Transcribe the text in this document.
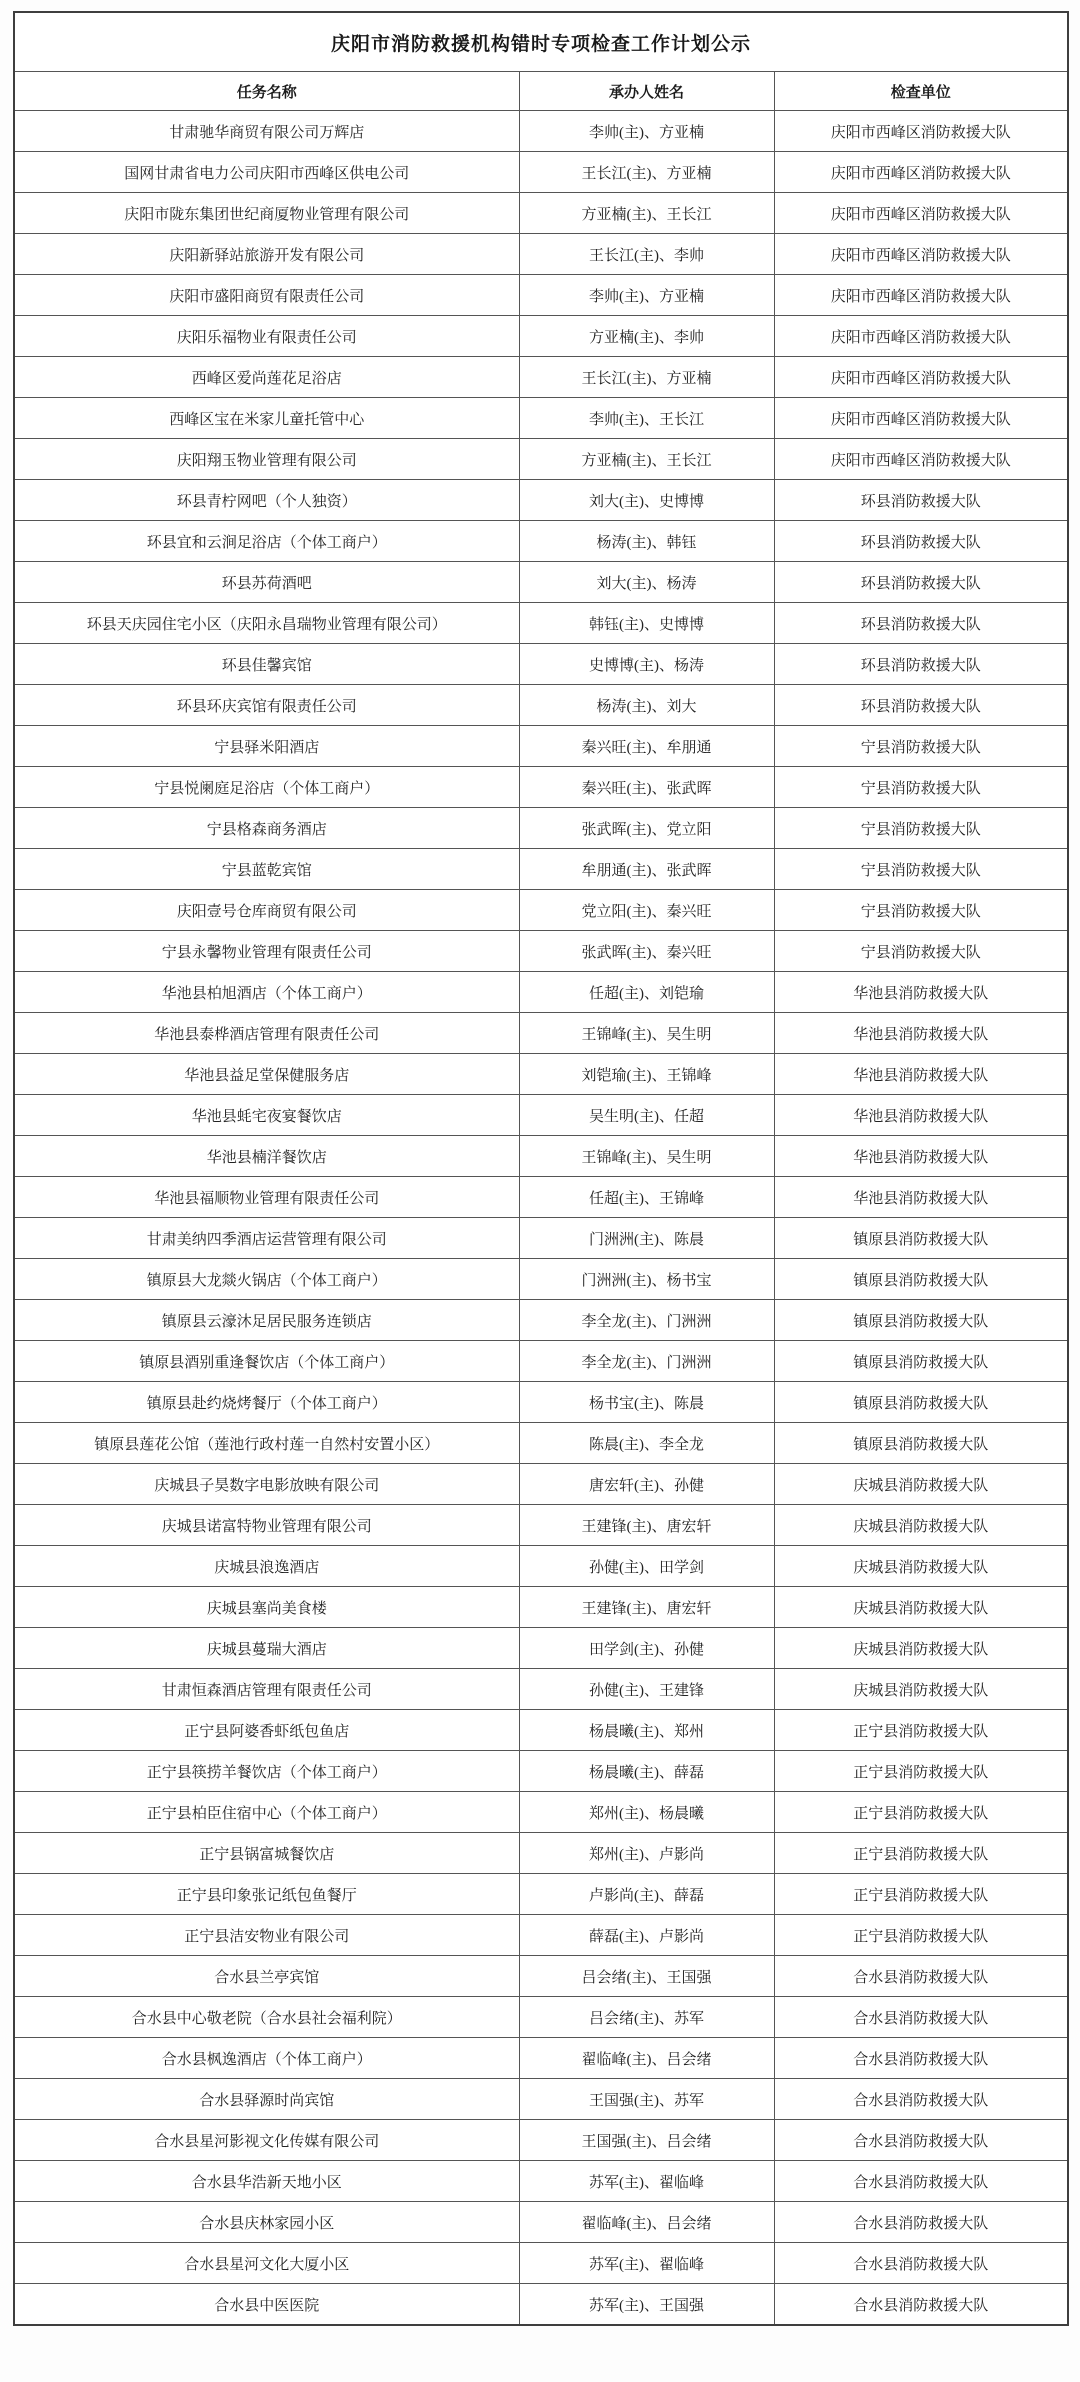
庆阳市消防救援机构错时专项检查工作计划公示		
任务名称	承办人姓名	检查单位
甘肃驰华商贸有限公司万辉店	李帅(主)、方亚楠	庆阳市西峰区消防救援大队
国网甘肃省电力公司庆阳市西峰区供电公司	王长江(主)、方亚楠	庆阳市西峰区消防救援大队
庆阳市陇东集团世纪商厦物业管理有限公司	方亚楠(主)、王长江	庆阳市西峰区消防救援大队
庆阳新驿站旅游开发有限公司	王长江(主)、李帅	庆阳市西峰区消防救援大队
庆阳市盛阳商贸有限责任公司	李帅(主)、方亚楠	庆阳市西峰区消防救援大队
庆阳乐福物业有限责任公司	方亚楠(主)、李帅	庆阳市西峰区消防救援大队
西峰区爱尚莲花足浴店	王长江(主)、方亚楠	庆阳市西峰区消防救援大队
西峰区宝在米家儿童托管中心	李帅(主)、王长江	庆阳市西峰区消防救援大队
庆阳翔玉物业管理有限公司	方亚楠(主)、王长江	庆阳市西峰区消防救援大队
环县青柠网吧（个人独资）	刘大(主)、史博博	环县消防救援大队
环县宜和云涧足浴店（个体工商户）	杨涛(主)、韩钰	环县消防救援大队
环县苏荷酒吧	刘大(主)、杨涛	环县消防救援大队
环县天庆园住宅小区（庆阳永昌瑞物业管理有限公司）	韩钰(主)、史博博	环县消防救援大队
环县佳馨宾馆	史博博(主)、杨涛	环县消防救援大队
环县环庆宾馆有限责任公司	杨涛(主)、刘大	环县消防救援大队
宁县驿米阳酒店	秦兴旺(主)、牟朋通	宁县消防救援大队
宁县悦阑庭足浴店（个体工商户）	秦兴旺(主)、张武晖	宁县消防救援大队
宁县格森商务酒店	张武晖(主)、党立阳	宁县消防救援大队
宁县蓝乾宾馆	牟朋通(主)、张武晖	宁县消防救援大队
庆阳壹号仓库商贸有限公司	党立阳(主)、秦兴旺	宁县消防救援大队
宁县永馨物业管理有限责任公司	张武晖(主)、秦兴旺	宁县消防救援大队
华池县柏旭酒店（个体工商户）	任超(主)、刘铠瑜	华池县消防救援大队
华池县泰桦酒店管理有限责任公司	王锦峰(主)、吴生明	华池县消防救援大队
华池县益足堂保健服务店	刘铠瑜(主)、王锦峰	华池县消防救援大队
华池县蚝宅夜宴餐饮店	吴生明(主)、任超	华池县消防救援大队
华池县楠洋餐饮店	王锦峰(主)、吴生明	华池县消防救援大队
华池县福顺物业管理有限责任公司	任超(主)、王锦峰	华池县消防救援大队
甘肃美纳四季酒店运营管理有限公司	门洲洲(主)、陈晨	镇原县消防救援大队
镇原县大龙燚火锅店（个体工商户）	门洲洲(主)、杨书宝	镇原县消防救援大队
镇原县云濠沐足居民服务连锁店	李全龙(主)、门洲洲	镇原县消防救援大队
镇原县酒别重逢餐饮店（个体工商户）	李全龙(主)、门洲洲	镇原县消防救援大队
镇原县赴约烧烤餐厅（个体工商户）	杨书宝(主)、陈晨	镇原县消防救援大队
镇原县莲花公馆（莲池行政村莲一自然村安置小区）	陈晨(主)、李全龙	镇原县消防救援大队
庆城县子昊数字电影放映有限公司	唐宏轩(主)、孙健	庆城县消防救援大队
庆城县诺富特物业管理有限公司	王建锋(主)、唐宏轩	庆城县消防救援大队
庆城县浪逸酒店	孙健(主)、田学剑	庆城县消防救援大队
庆城县塞尚美食楼	王建锋(主)、唐宏轩	庆城县消防救援大队
庆城县蔓瑞大酒店	田学剑(主)、孙健	庆城县消防救援大队
甘肃恒森酒店管理有限责任公司	孙健(主)、王建锋	庆城县消防救援大队
正宁县阿婆香虾纸包鱼店	杨晨曦(主)、郑州	正宁县消防救援大队
正宁县筷捞羊餐饮店（个体工商户）	杨晨曦(主)、薛磊	正宁县消防救援大队
正宁县柏臣住宿中心（个体工商户）	郑州(主)、杨晨曦	正宁县消防救援大队
正宁县锅富城餐饮店	郑州(主)、卢影尚	正宁县消防救援大队
正宁县印象张记纸包鱼餐厅	卢影尚(主)、薛磊	正宁县消防救援大队
正宁县洁安物业有限公司	薛磊(主)、卢影尚	正宁县消防救援大队
合水县兰亭宾馆	吕会绪(主)、王国强	合水县消防救援大队
合水县中心敬老院（合水县社会福利院）	吕会绪(主)、苏军	合水县消防救援大队
合水县枫逸酒店（个体工商户）	翟临峰(主)、吕会绪	合水县消防救援大队
合水县驿源时尚宾馆	王国强(主)、苏军	合水县消防救援大队
合水县星河影视文化传媒有限公司	王国强(主)、吕会绪	合水县消防救援大队
合水县华浩新天地小区	苏军(主)、翟临峰	合水县消防救援大队
合水县庆林家园小区	翟临峰(主)、吕会绪	合水县消防救援大队
合水县星河文化大厦小区	苏军(主)、翟临峰	合水县消防救援大队
合水县中医医院	苏军(主)、王国强	合水县消防救援大队
